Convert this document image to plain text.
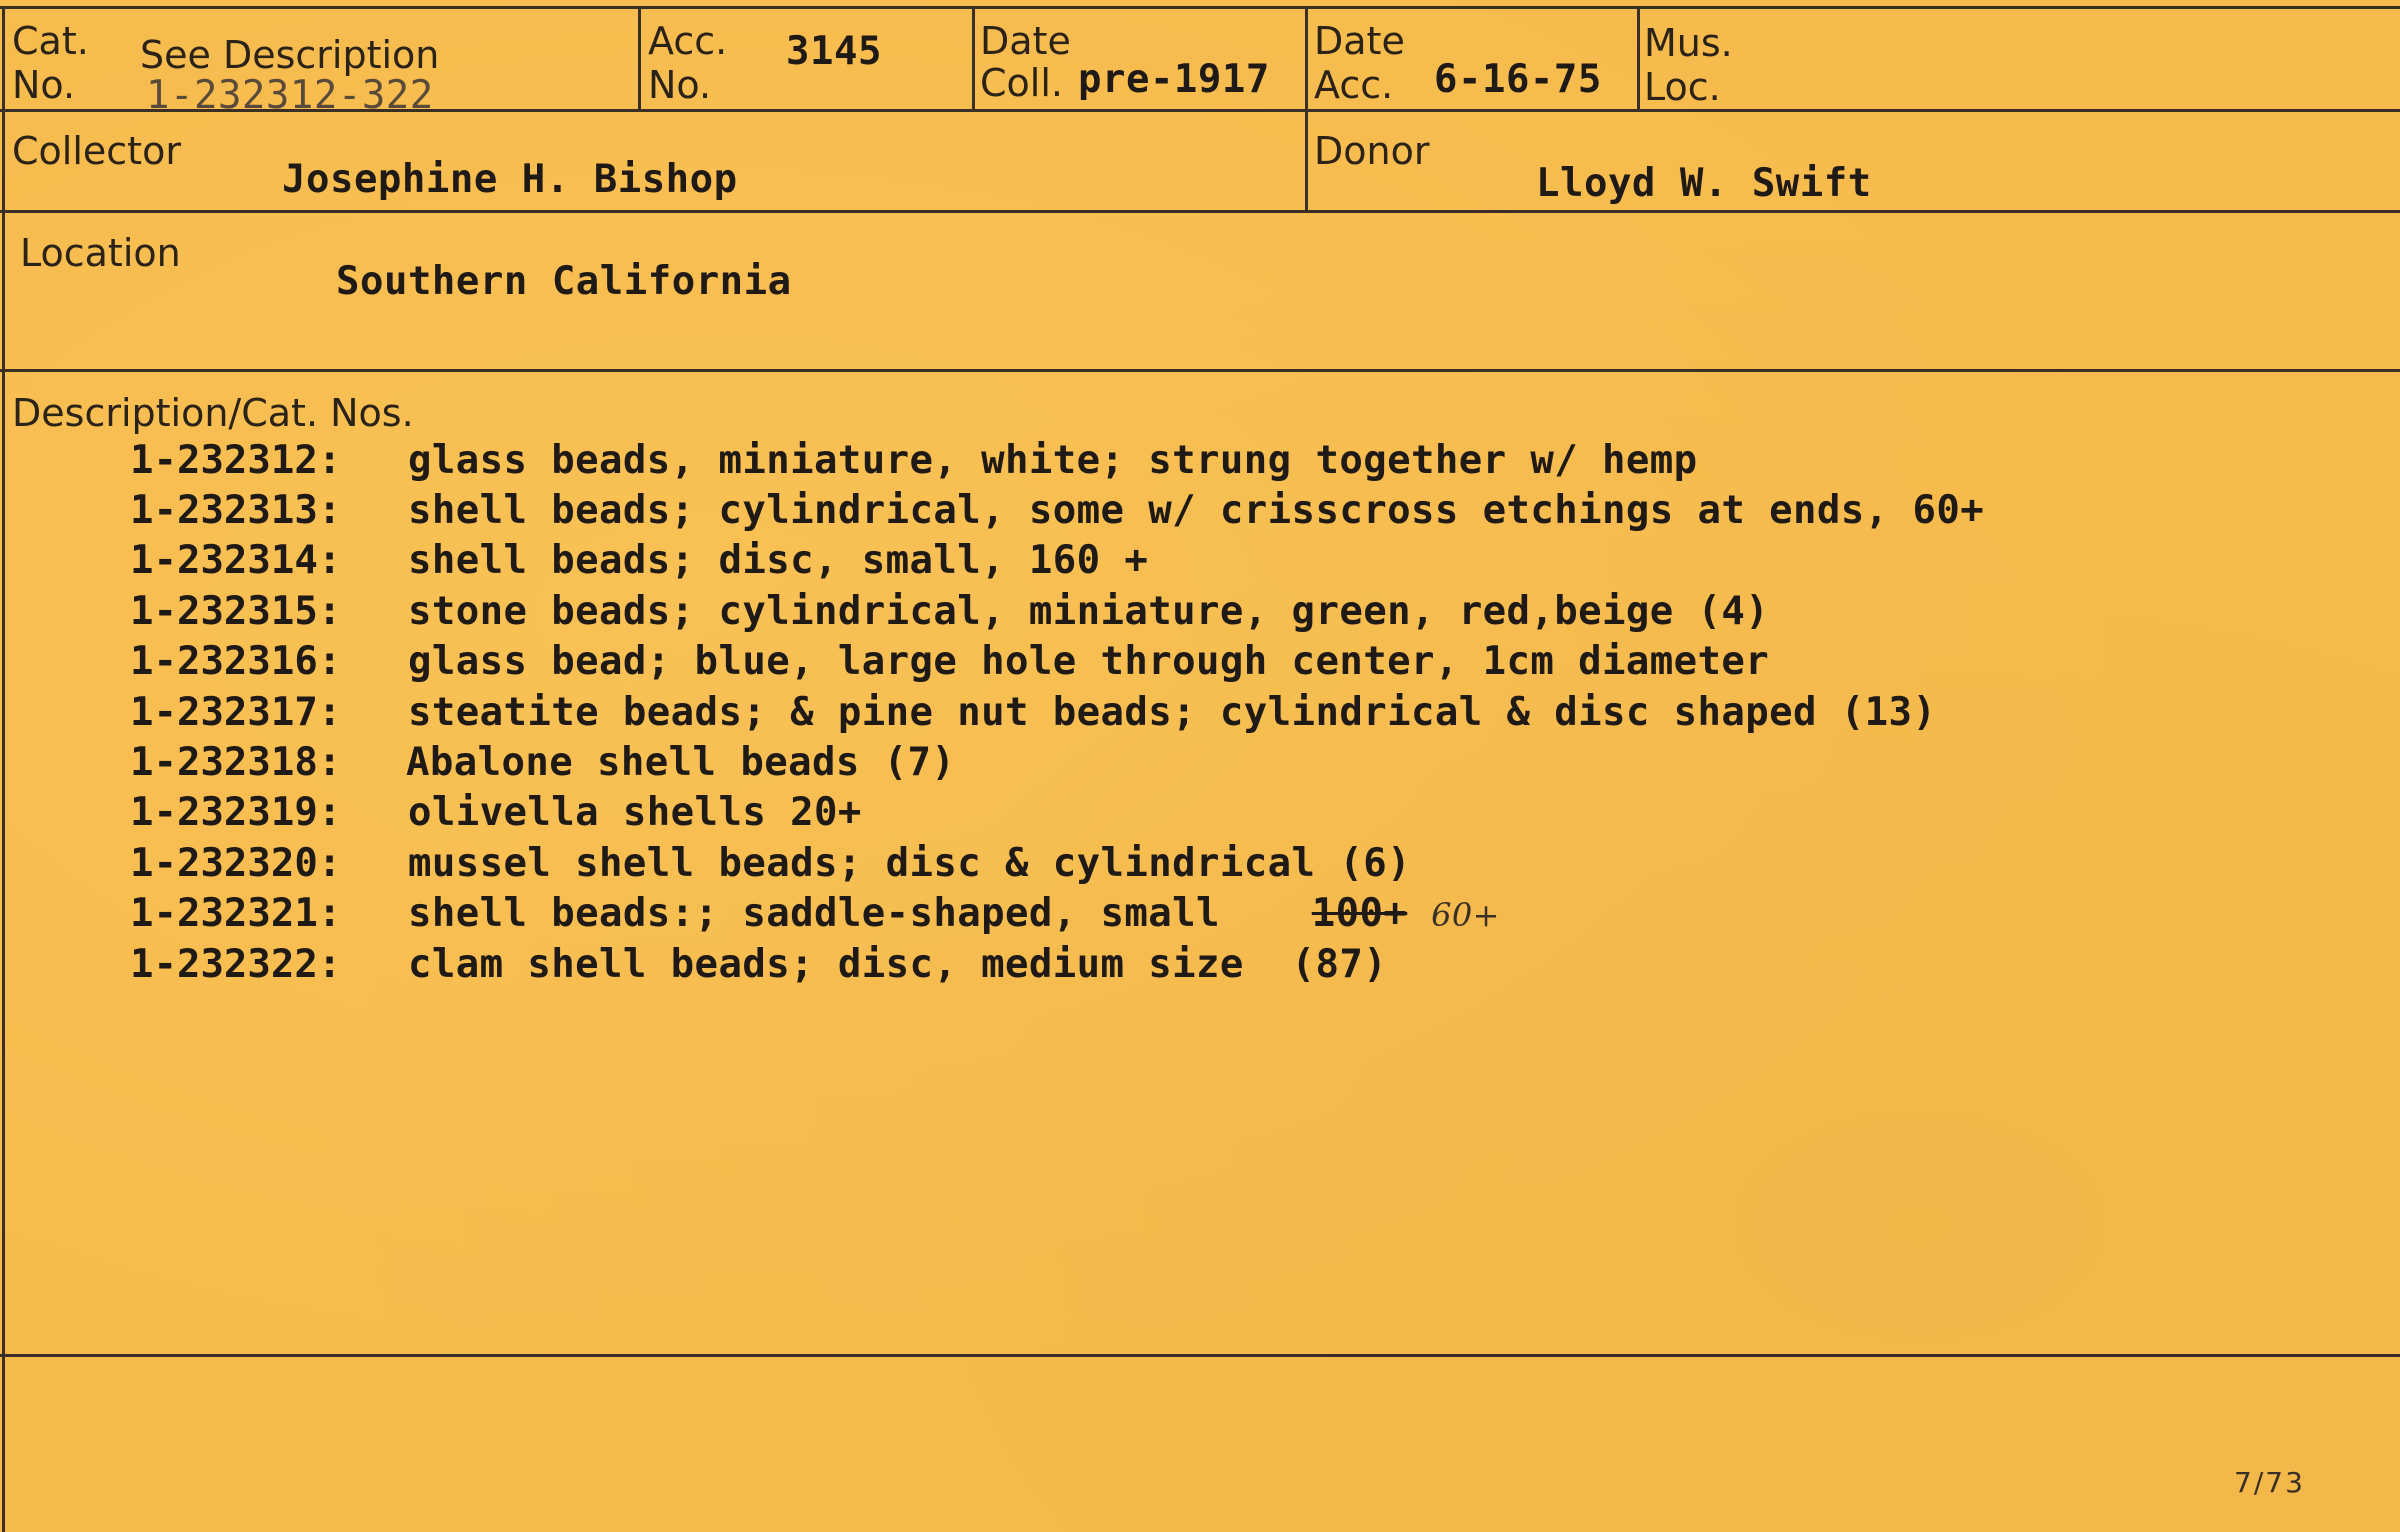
Cat.
No.
See Description
1-232312-322
Acc.
No.
3145	Date
Coll. pre-1917
Date
Acc. 6-16-75
Mus.
Loc.
Collector
Josephine H. Bishop
Donor
Lloyd W. Swift
Location
Southern California
Description/Cat. Nos.
1-232312: glass beads, miniature, white; strung together w/ hemp
1-232313: shell beads; cylindrical, some w/ crisscross etchings at ends, 60+
1-232314: shell beads; disc, small, 160 +
1-232315: stone beads; cylindrical, miniature, green, red,beige (4)
1-232316: glass bead; blue, large hole through center, 1cm diameter
1-232317: steatite beads; & pine nut beads; cylindrical & disc shaped (13)
1-232318: Abalone shell beads (7)
1-232319: olivella shells 20+
1-232320: mussel shell beads; disc & cylindrical (6)
1-232321: shell beads:; saddle-shaped, small 100+ 60+
1-232322: clam shell beads; disc, medium size  (87)
7/73
